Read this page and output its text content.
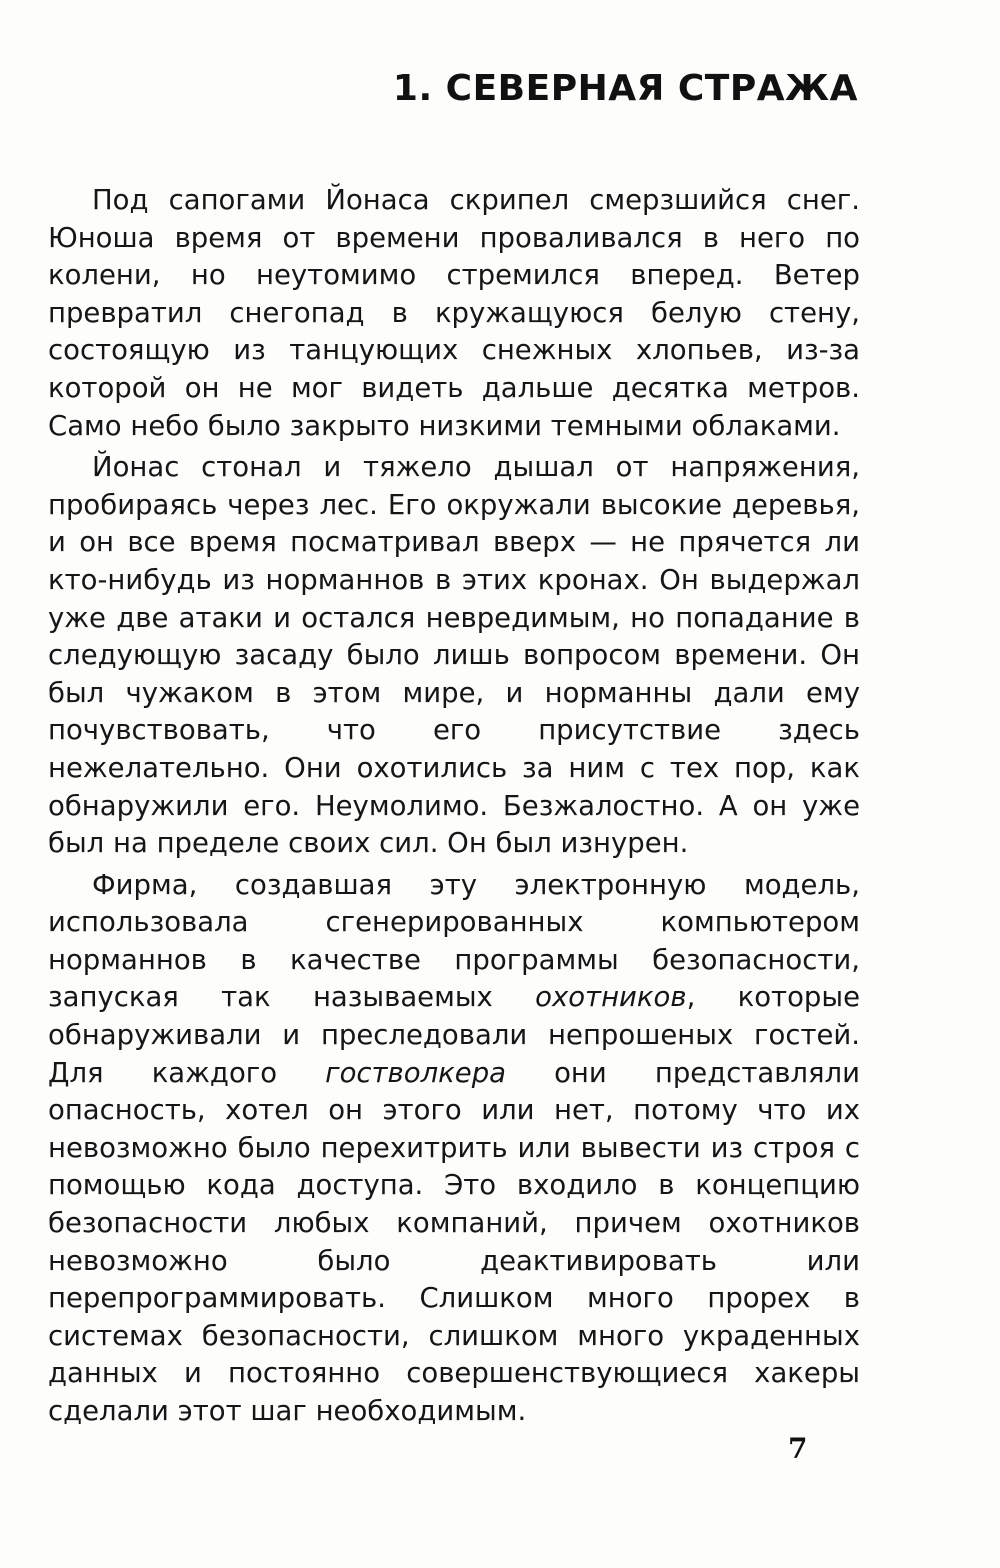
1. СЕВЕРНАЯ СТРАЖА

Под сапогами Йонаса скрипел смерзшийся снег. Юноша время от времени проваливался в него по колени, но неутомимо стремился вперед. Ветер превратил снегопад в кружащуюся белую стену, состоящую из танцующих снежных хлопьев, из-за которой он не мог видеть дальше десятка метров. Само небо было закрыто низкими темными облаками.

Йонас стонал и тяжело дышал от напряжения, пробираясь через лес. Его окружали высокие деревья, и он все время посматривал вверх — не прячется ли кто-нибудь из норманнов в этих кронах. Он выдержал уже две атаки и остался невредимым, но попадание в следующую засаду было лишь вопросом времени. Он был чужаком в этом мире, и норманны дали ему почувствовать, что его присутствие здесь нежелательно. Они охотились за ним с тех пор, как обнаружили его. Неумолимо. Безжалостно. А он уже был на пределе своих сил. Он был изнурен.

Фирма, создавшая эту электронную модель, использовала сгенерированных компьютером норманнов в качестве программы безопасности, запуская так называемых охотников, которые обнаруживали и преследовали непрошеных гостей. Для каждого гостволкера они представляли опасность, хотел он этого или нет, потому что их невозможно было перехитрить или вывести из строя с помощью кода доступа. Это входило в концепцию безопасности любых компаний, причем охотников невозможно было деактивировать или перепрограммировать. Слишком много прорех в системах безопасности, слишком много украденных данных и постоянно совершенствующиеся хакеры сделали этот шаг необходимым.

7
